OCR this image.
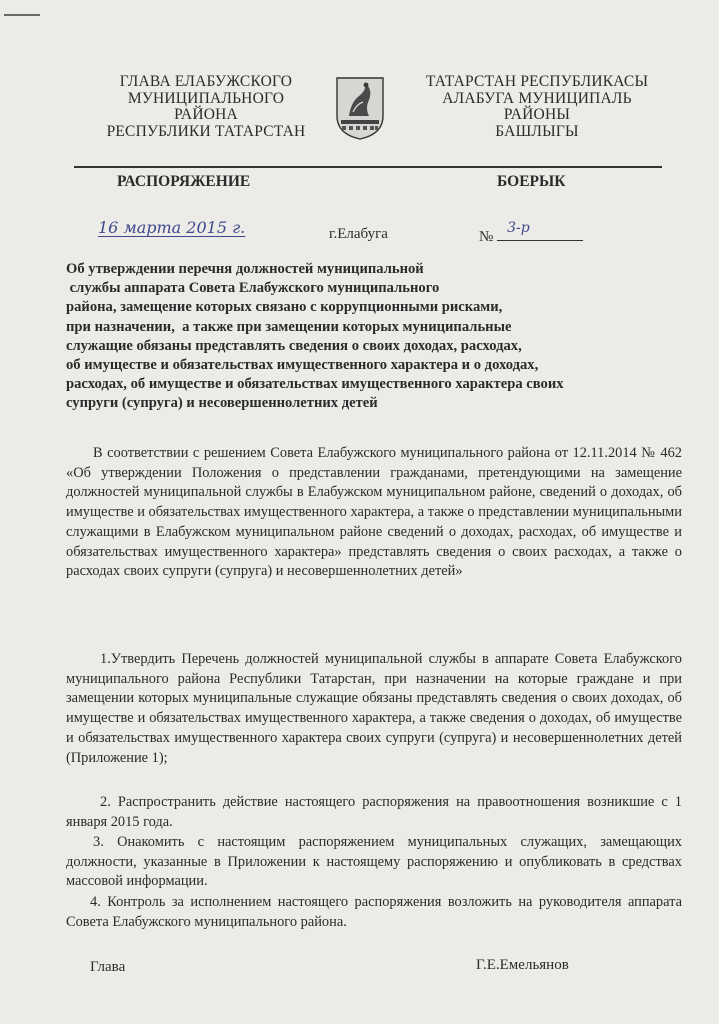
ГЛАВА ЕЛАБУЖСКОГО
МУНИЦИПАЛЬНОГО
РАЙОНА
РЕСПУБЛИКИ ТАТАРСТАН
ТАТАРСТАН РЕСПУБЛИКАСЫ
АЛАБУГА МУНИЦИПАЛЬ
РАЙОНЫ
БАШЛЫГЫ
РАСПОРЯЖЕНИЕ	БОЕРЫК
16 марта 2015 г.	г.Елабуга	№
3-р
Об утверждении перечня должностей муниципальной
службы аппарата Совета Елабужского муниципального
района, замещение которых связано с коррупционными рисками,
при назначении,  а также при замещении которых муниципальные
служащие обязаны представлять сведения о своих доходах, расходах,
об имуществе и обязательствах имущественного характера и о доходах,
расходах, об имуществе и обязательствах имущественного характера своих
супруги (супруга) и несовершеннолетних детей
В соответствии с решением Совета Елабужского муниципального района от 12.11.2014 № 462 «Об утверждении Положения о представлении гражданами, претендующими на замещение должностей муниципальной службы в Елабужском муниципальном районе, сведений о доходах, об имуществе и обязательствах имущественного характера, а также о представлении муниципальными служащими в Елабужском муниципальном районе сведений о доходах, расходах, об имуществе и обязательствах имущественного характера» представлять сведения о своих расходах, а также о расходах своих супруги (супруга) и несовершеннолетних детей»
1.Утвердить Перечень должностей муниципальной службы в аппарате Совета Елабужского муниципального района Республики Татарстан, при назначении на которые граждане и при замещении которых муниципальные служащие обязаны представлять сведения о своих доходах, об имуществе и обязательствах имущественного характера, а также сведения о доходах, об имуществе и обязательствах имущественного характера своих супруги (супруга) и несовершеннолетних детей (Приложение 1);
2. Распространить действие настоящего распоряжения на правоотношения возникшие с 1 января 2015 года.
3. Онакомить с настоящим распоряжением муниципальных служащих, замещающих должности, указанные в Приложении к настоящему распоряжению и опубликовать в средствах массовой информации.
4. Контроль за исполнением настоящего распоряжения возложить на руководителя аппарата Совета Елабужского муниципального района.
Глава	Г.Е.Емельянов
